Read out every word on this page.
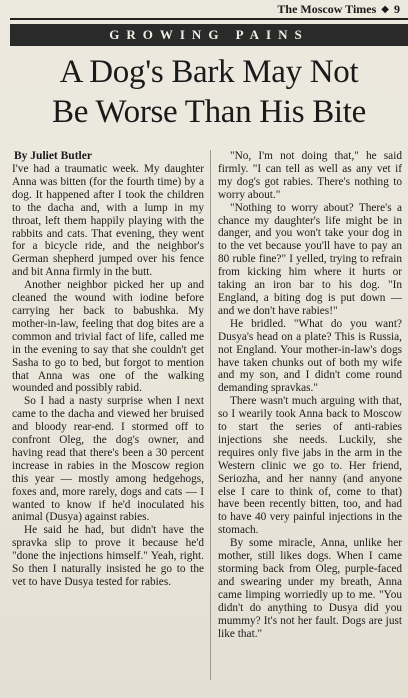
The Moscow Times ◆ 9
GROWING PAINS
A Dog's Bark May Not
Be Worse Than His Bite
By Juliet Butler

I've had a traumatic week. My daughter Anna was bitten (for the fourth time) by a dog. It happened after I took the children to the dacha and, with a lump in my throat, left them happily playing with the rabbits and cats. That evening, they went for a bicycle ride, and the neighbor's German shepherd jumped over his fence and bit Anna firmly in the butt.

Another neighbor picked her up and cleaned the wound with iodine before carrying her back to babushka. My mother-in-law, feeling that dog bites are a common and trivial fact of life, called me in the evening to say that she couldn't get Sasha to go to bed, but forgot to mention that Anna was one of the walking wounded and possibly rabid.

So I had a nasty surprise when I next came to the dacha and viewed her bruised and bloody rear-end. I stormed off to confront Oleg, the dog's owner, and having read that there's been a 30 percent increase in rabies in the Moscow region this year — mostly among hedgehogs, foxes and, more rarely, dogs and cats — I wanted to know if he'd inoculated his animal (Dusya) against rabies.

He said he had, but didn't have the spravka slip to prove it because he'd "done the injections himself." Yeah, right. So then I naturally insisted he go to the vet to have Dusya tested for rabies.

"No, I'm not doing that," he said firmly. "I can tell as well as any vet if my dog's got rabies. There's nothing to worry about."

"Nothing to worry about? There's a chance my daughter's life might be in danger, and you won't take your dog in to the vet because you'll have to pay an 80 ruble fine?" I yelled, trying to refrain from kicking him where it hurts or taking an iron bar to his dog. "In England, a biting dog is put down — and we don't have rabies!"

He bridled. "What do you want? Dusya's head on a plate? This is Russia, not England. Your mother-in-law's dogs have taken chunks out of both my wife and my son, and I didn't come round demanding spravkas."

There wasn't much arguing with that, so I wearily took Anna back to Moscow to start the series of anti-rabies injections she needs. Luckily, she requires only five jabs in the arm in the Western clinic we go to. Her friend, Seriozha, and her nanny (and anyone else I care to think of, come to that) have been recently bitten, too, and had to have 40 very painful injections in the stomach.

By some miracle, Anna, unlike her mother, still likes dogs. When I came storming back from Oleg, purple-faced and swearing under my breath, Anna came limping worriedly up to me. "You didn't do anything to Dusya did you mummy? It's not her fault. Dogs are just like that."
